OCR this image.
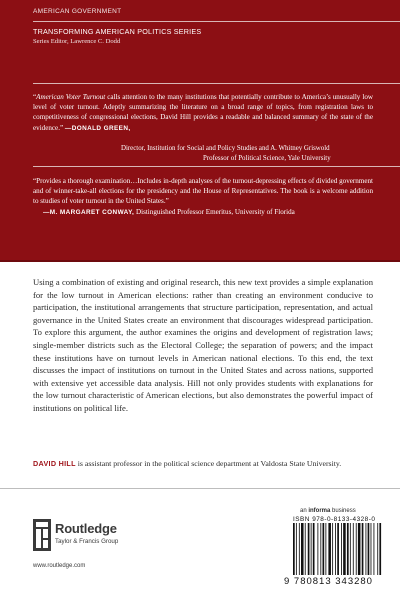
AMERICAN GOVERNMENT
TRANSFORMING AMERICAN POLITICS SERIES
Series Editor, Lawrence C. Dodd
“American Voter Turnout calls attention to the many institutions that potentially contribute to America’s unusually low level of voter turnout. Adeptly summarizing the literature on a broad range of topics, from registration laws to competitiveness of congressional elections, David Hill provides a readable and balanced summary of the state of the evidence.” —DONALD GREEN,
Director, Institution for Social and Policy Studies and A. Whitney Griswold
Professor of Political Science, Yale University
“Provides a thorough examination…Includes in-depth analyses of the turnout-depressing effects of divided government and of winner-take-all elections for the presidency and the House of Representatives. The book is a welcome addition to studies of voter turnout in the United States.”
—M. MARGARET CONWAY, Distinguished Professor Emeritus, University of Florida
Using a combination of existing and original research, this new text provides a simple explanation for the low turnout in American elections: rather than creating an environment conducive to participation, the institutional arrangements that structure participation, representation, and actual governance in the United States create an environment that discourages widespread participation. To explore this argument, the author examines the origins and development of registration laws; single-member districts such as the Electoral College; the separation of powers; and the impact these institutions have on turnout levels in American national elections. To this end, the text discusses the impact of institutions on turnout in the United States and across nations, supported with extensive yet accessible data analysis. Hill not only provides students with explanations for the low turnout characteristic of American elections, but also demonstrates the powerful impact of institutions on political life.
DAVID HILL is assistant professor in the political science department at Valdosta State University.
an informa business
Routledge
Taylor & Francis Group
www.routledge.com
ISBN 978-0-8133-4328-0
9 780813 343280
